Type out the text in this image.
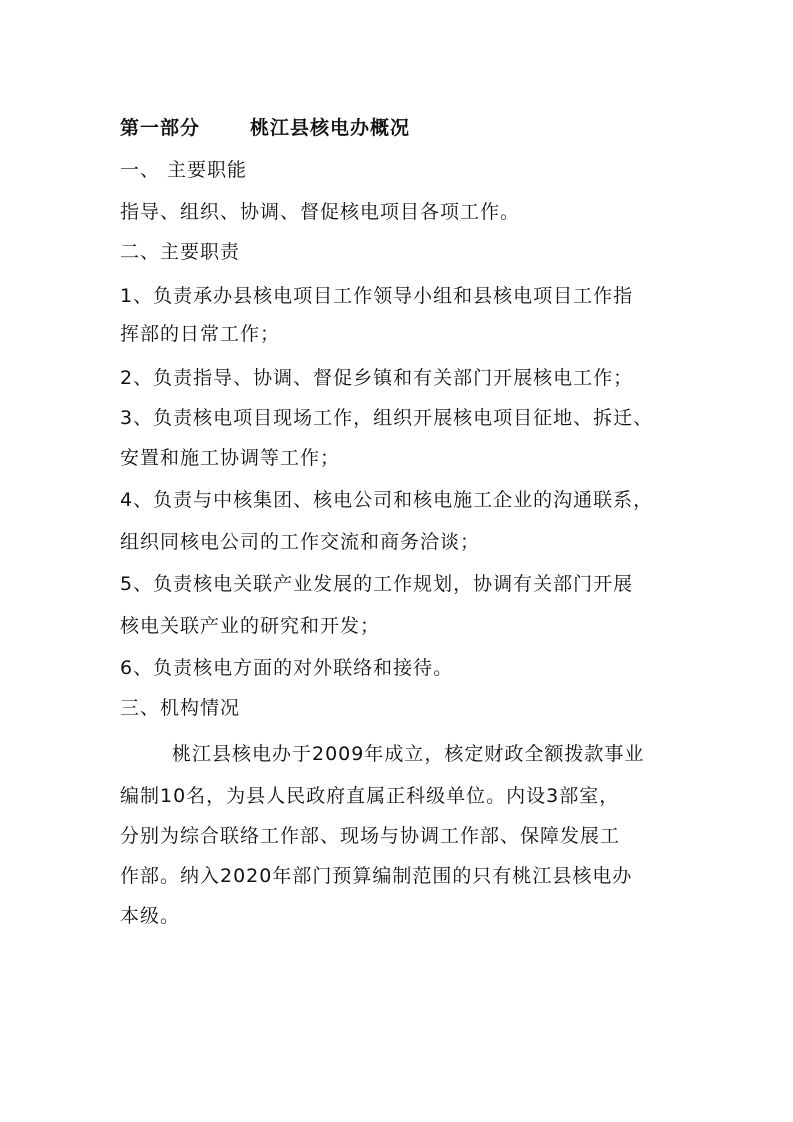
第一部分	桃江县核电办概况
一、 主要职能
指导、组织、协调、督促核电项目各项工作。
二、主要职责
1、负责承办县核电项目工作领导小组和县核电项目工作指
挥部的日常工作；
2、负责指导、协调、督促乡镇和有关部门开展核电工作；
3、负责核电项目现场工作，组织开展核电项目征地、拆迁、
安置和施工协调等工作；
4、负责与中核集团、核电公司和核电施工企业的沟通联系，
组织同核电公司的工作交流和商务洽谈；
5、负责核电关联产业发展的工作规划，协调有关部门开展
核电关联产业的研究和开发；
6、负责核电方面的对外联络和接待。
三、机构情况
桃江县核电办于2009年成立，核定财政全额拨款事业
编制10名，为县人民政府直属正科级单位。内设3部室，
分别为综合联络工作部、现场与协调工作部、保障发展工
作部。纳入2020年部门预算编制范围的只有桃江县核电办
本级。
